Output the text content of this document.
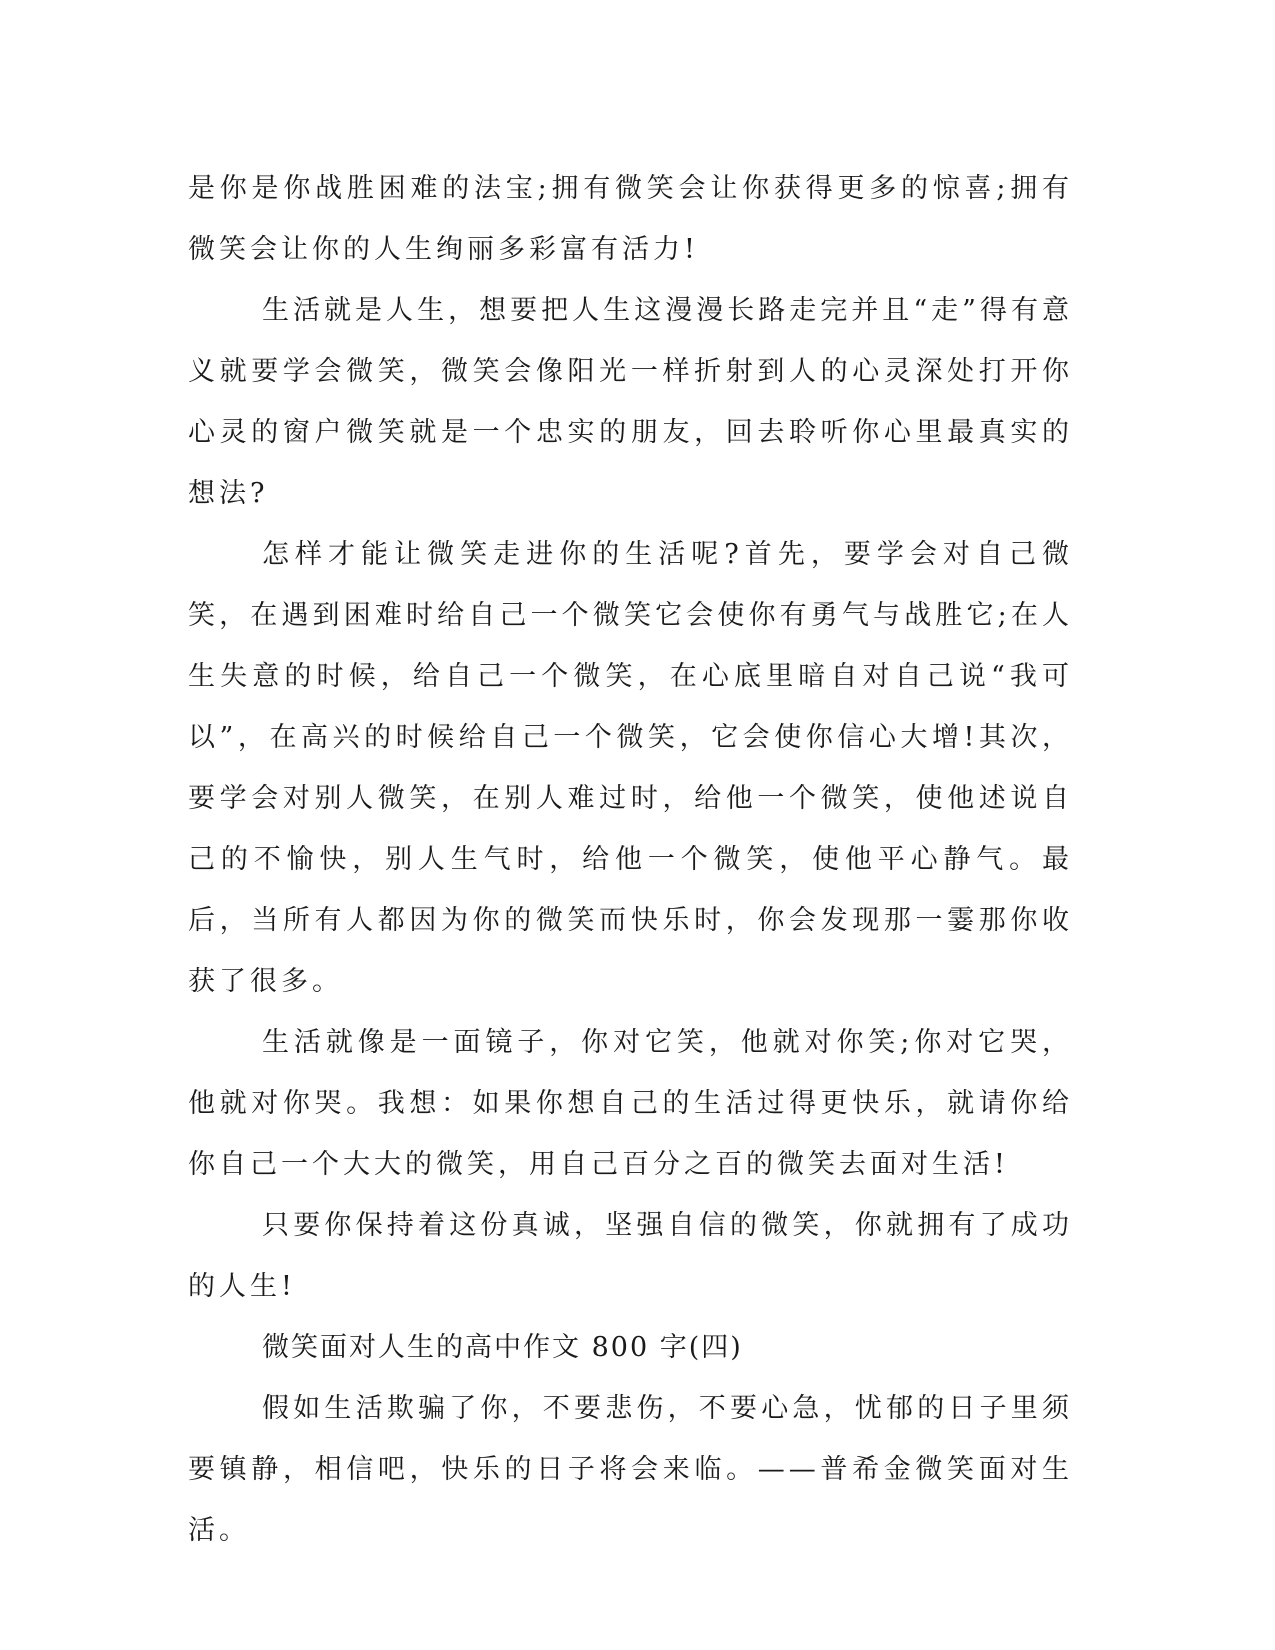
是你是你战胜困难的法宝;拥有微笑会让你获得更多的惊喜;拥有微笑会让你的人生绚丽多彩富有活力!

生活就是人生，想要把人生这漫漫长路走完并且“走”得有意义就要学会微笑，微笑会像阳光一样折射到人的心灵深处打开你心灵的窗户微笑就是一个忠实的朋友，回去聆听你心里最真实的想法?

怎样才能让微笑走进你的生活呢?首先，要学会对自己微笑，在遇到困难时给自己一个微笑它会使你有勇气与战胜它;在人生失意的时候，给自己一个微笑，在心底里暗自对自己说“我可以”，在高兴的时候给自己一个微笑，它会使你信心大增!其次，要学会对别人微笑，在别人难过时，给他一个微笑，使他述说自己的不愉快，别人生气时，给他一个微笑，使他平心静气。最后，当所有人都因为你的微笑而快乐时，你会发现那一霎那你收获了很多。

生活就像是一面镜子，你对它笑，他就对你笑;你对它哭，他就对你哭。我想：如果你想自己的生活过得更快乐，就请你给你自己一个大大的微笑，用自己百分之百的微笑去面对生活!

只要你保持着这份真诚，坚强自信的微笑，你就拥有了成功的人生!

微笑面对人生的高中作文 800 字(四)

假如生活欺骗了你，不要悲伤，不要心急，忧郁的日子里须要镇静，相信吧，快乐的日子将会来临。——普希金微笑面对生活。
